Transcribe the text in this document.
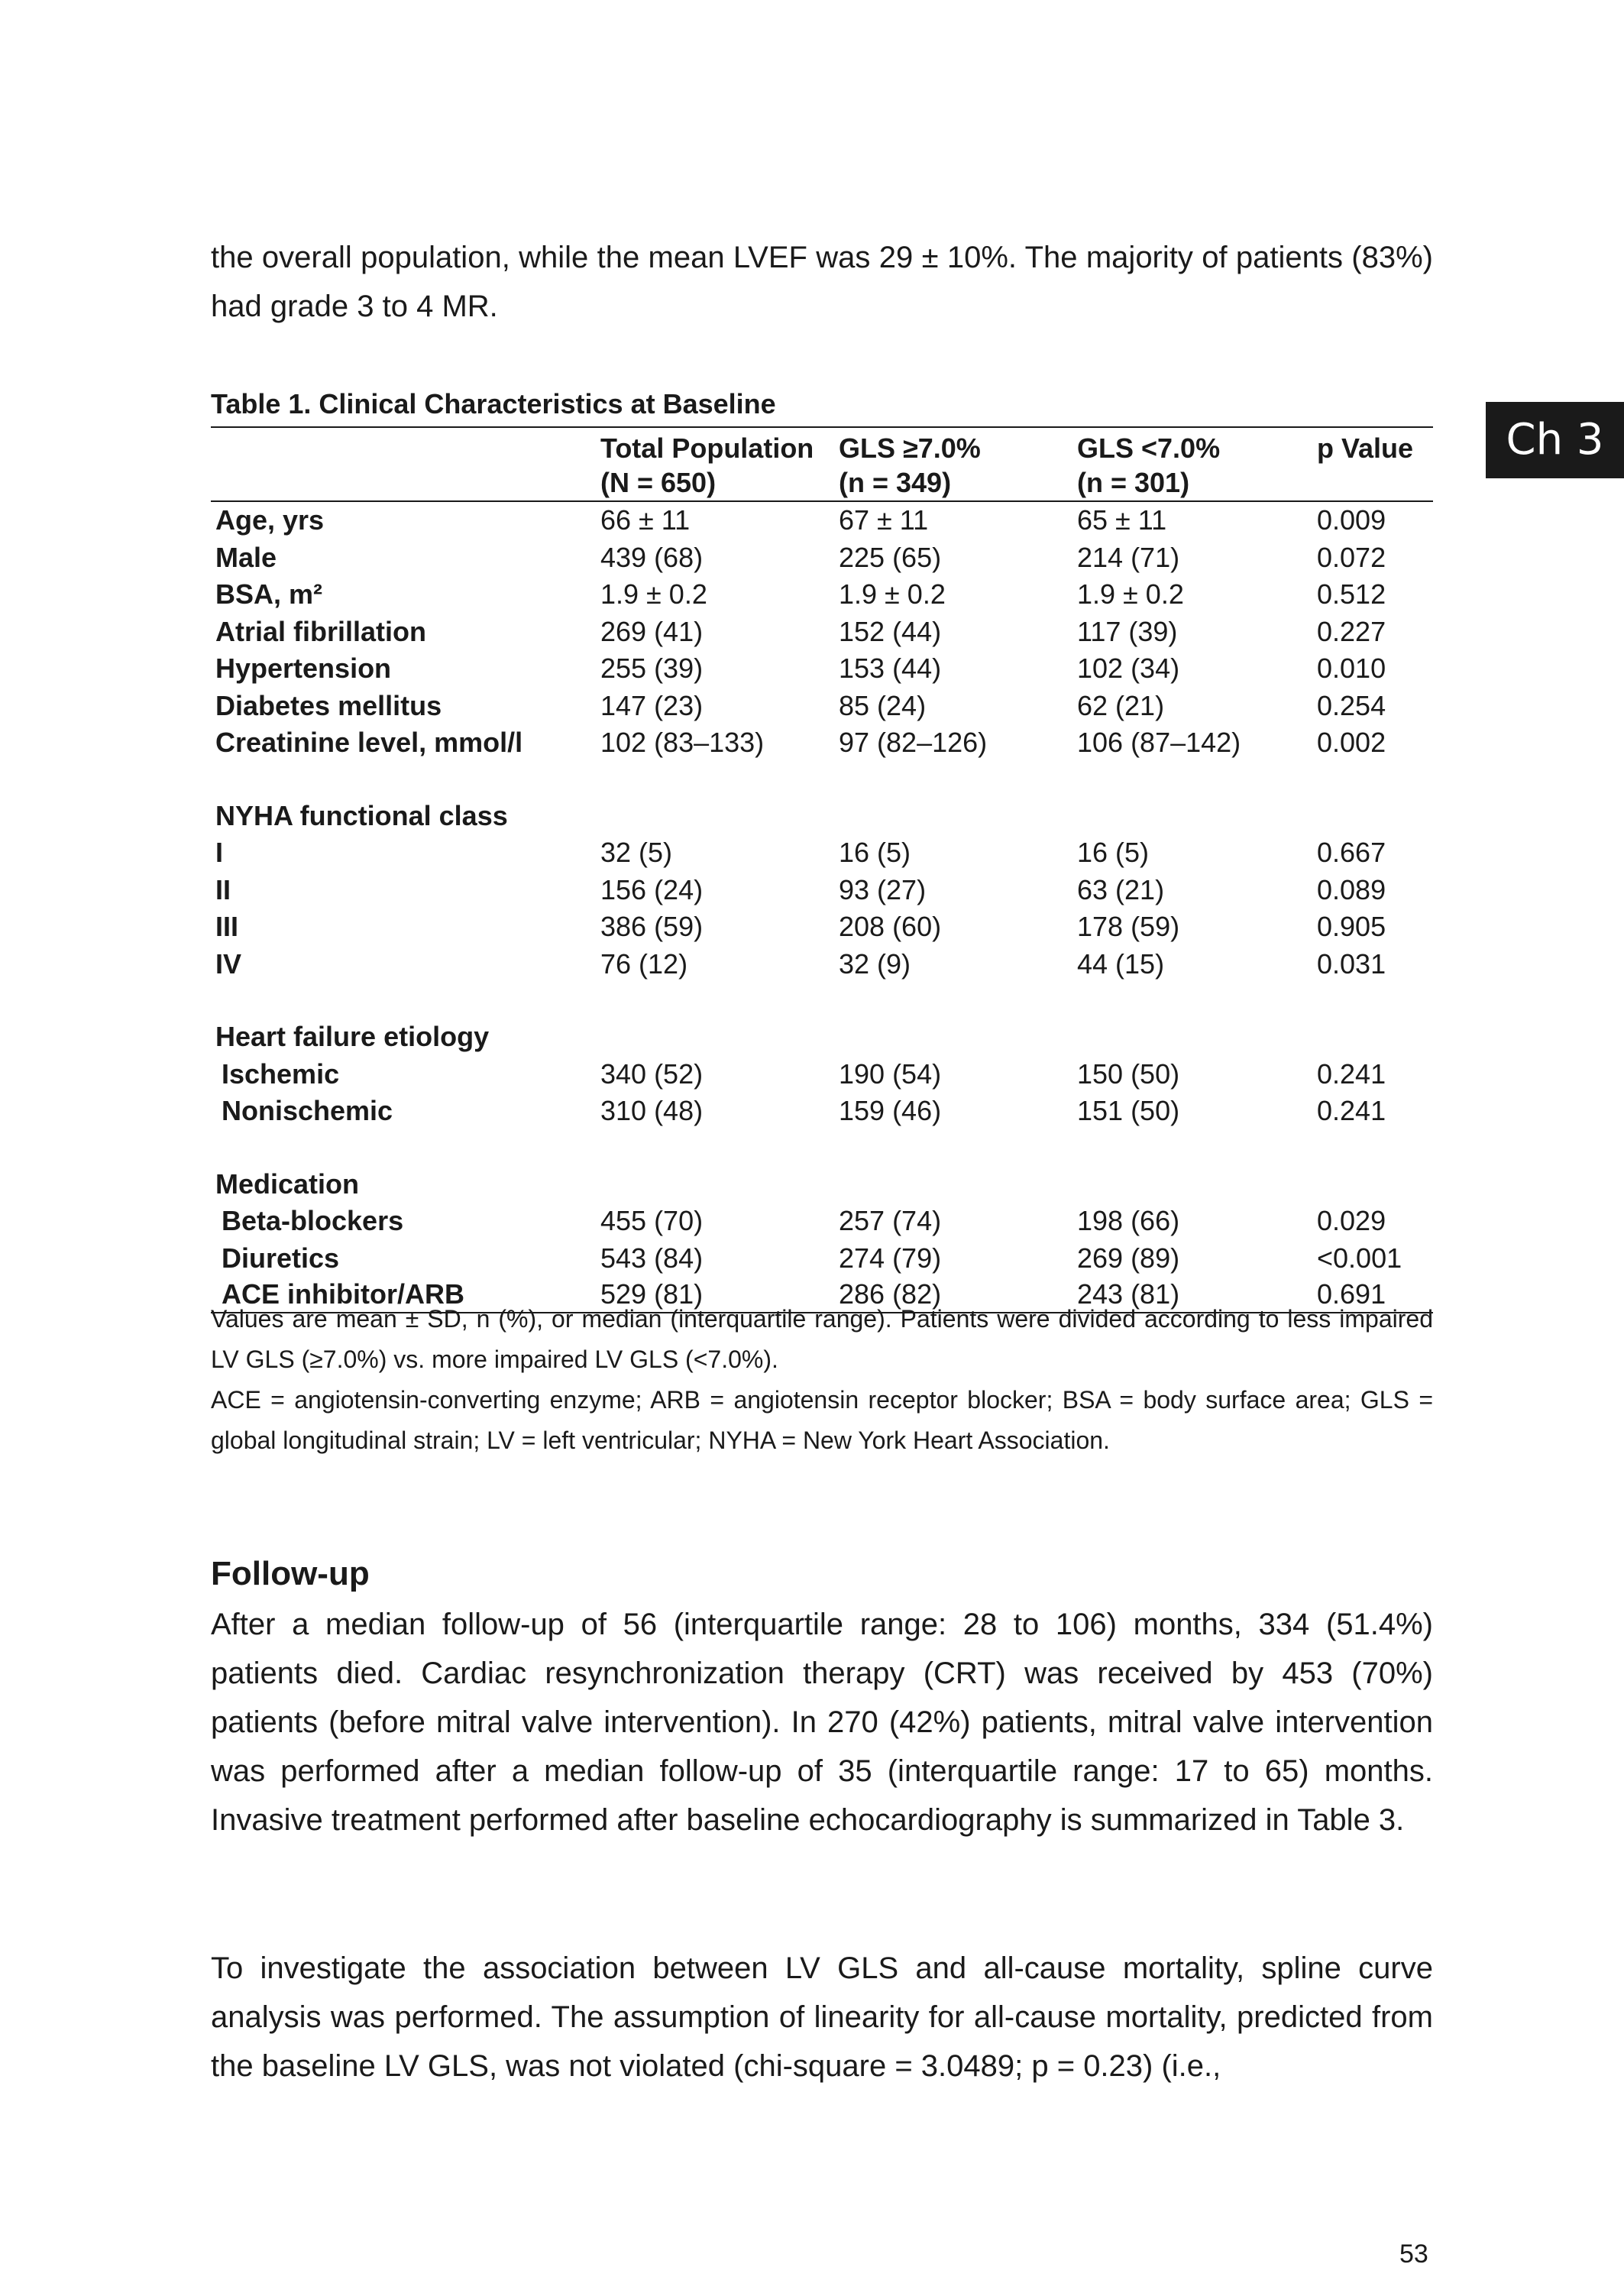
Ch 3

the overall population, while the mean LVEF was 29 ± 10%. The majority of patients (83%) had grade 3 to 4 MR.

Table 1. Clinical Characteristics at Baseline
	Total Population	GLS ≥7.0%	GLS <7.0%	p Value
	(N = 650)	(n = 349)	(n = 301)	
Age, yrs	66 ± 11	67 ± 11	65 ± 11	0.009
Male	439 (68)	225 (65)	214 (71)	0.072
BSA, m²	1.9 ± 0.2	1.9 ± 0.2	1.9 ± 0.2	0.512
Atrial fibrillation	269 (41)	152 (44)	117 (39)	0.227
Hypertension	255 (39)	153 (44)	102 (34)	0.010
Diabetes mellitus	147 (23)	85 (24)	62 (21)	0.254
Creatinine level, mmol/l	102 (83–133)	97 (82–126)	106 (87–142)	0.002

NYHA functional class				
I	32 (5)	16 (5)	16 (5)	0.667
II	156 (24)	93 (27)	63 (21)	0.089
III	386 (59)	208 (60)	178 (59)	0.905
IV	76 (12)	32 (9)	44 (15)	0.031

Heart failure etiology				
Ischemic	340 (52)	190 (54)	150 (50)	0.241
Nonischemic	310 (48)	159 (46)	151 (50)	0.241

Medication				
Beta-blockers	455 (70)	257 (74)	198 (66)	0.029
Diuretics	543 (84)	274 (79)	269 (89)	<0.001
ACE inhibitor/ARB	529 (81)	286 (82)	243 (81)	0.691

Values are mean ± SD, n (%), or median (interquartile range). Patients were divided according to less impaired LV GLS (≥7.0%) vs. more impaired LV GLS (<7.0%).

ACE = angiotensin-converting enzyme; ARB = angiotensin receptor blocker; BSA = body surface area; GLS = global longitudinal strain; LV = left ventricular; NYHA = New York Heart Association.

Follow-up

After a median follow-up of 56 (interquartile range: 28 to 106) months, 334 (51.4%) patients died. Cardiac resynchronization therapy (CRT) was received by 453 (70%) patients (before mitral valve intervention). In 270 (42%) patients, mitral valve intervention was performed after a median follow-up of 35 (interquartile range: 17 to 65) months. Invasive treatment performed after baseline echocardiography is summarized in Table 3.

To investigate the association between LV GLS and all-cause mortality, spline curve analysis was performed. The assumption of linearity for all-cause mortality, predicted from the baseline LV GLS, was not violated (chi-square = 3.0489; p = 0.23) (i.e.,

53
